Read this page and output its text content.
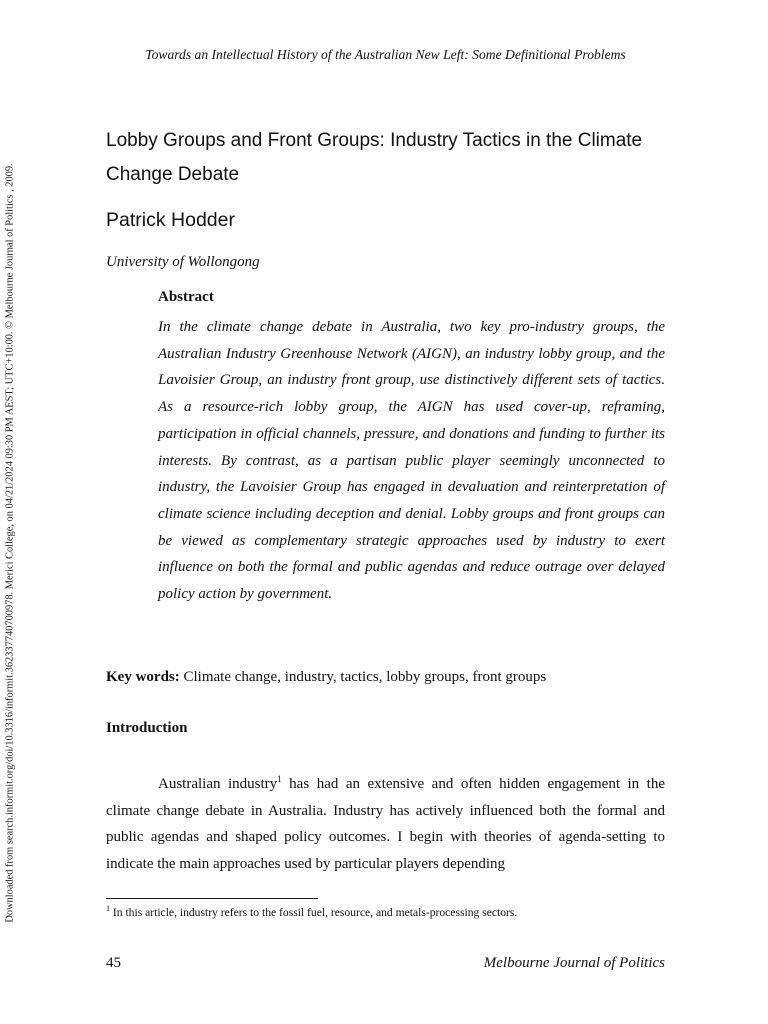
Downloaded from search.informit.org/doi/10.3316/informit.362337740700978. Merici College, on 04/21/2024 09:30 PM AEST; UTC+10:00. © Melbourne Journal of Politics , 2009.
Towards an Intellectual History of the Australian New Left: Some Definitional Problems
Lobby Groups and Front Groups: Industry Tactics in the Climate Change Debate
Patrick Hodder
University of Wollongong
Abstract

In the climate change debate in Australia, two key pro-industry groups, the Australian Industry Greenhouse Network (AIGN), an industry lobby group, and the Lavoisier Group, an industry front group, use distinctively different sets of tactics. As a resource-rich lobby group, the AIGN has used cover-up, reframing, participation in official channels, pressure, and donations and funding to further its interests. By contrast, as a partisan public player seemingly unconnected to industry, the Lavoisier Group has engaged in devaluation and reinterpretation of climate science including deception and denial. Lobby groups and front groups can be viewed as complementary strategic approaches used by industry to exert influence on both the formal and public agendas and reduce outrage over delayed policy action by government.

Key words: Climate change, industry, tactics, lobby groups, front groups
Introduction

Australian industry$^1$ has had an extensive and often hidden engagement in the climate change debate in Australia. Industry has actively influenced both the formal and public agendas and shaped policy outcomes. I begin with theories of agenda-setting to indicate the main approaches used by particular players depending

$^1$ In this article, industry refers to the fossil fuel, resource, and metals-processing sectors.
45	Melbourne Journal of Politics
